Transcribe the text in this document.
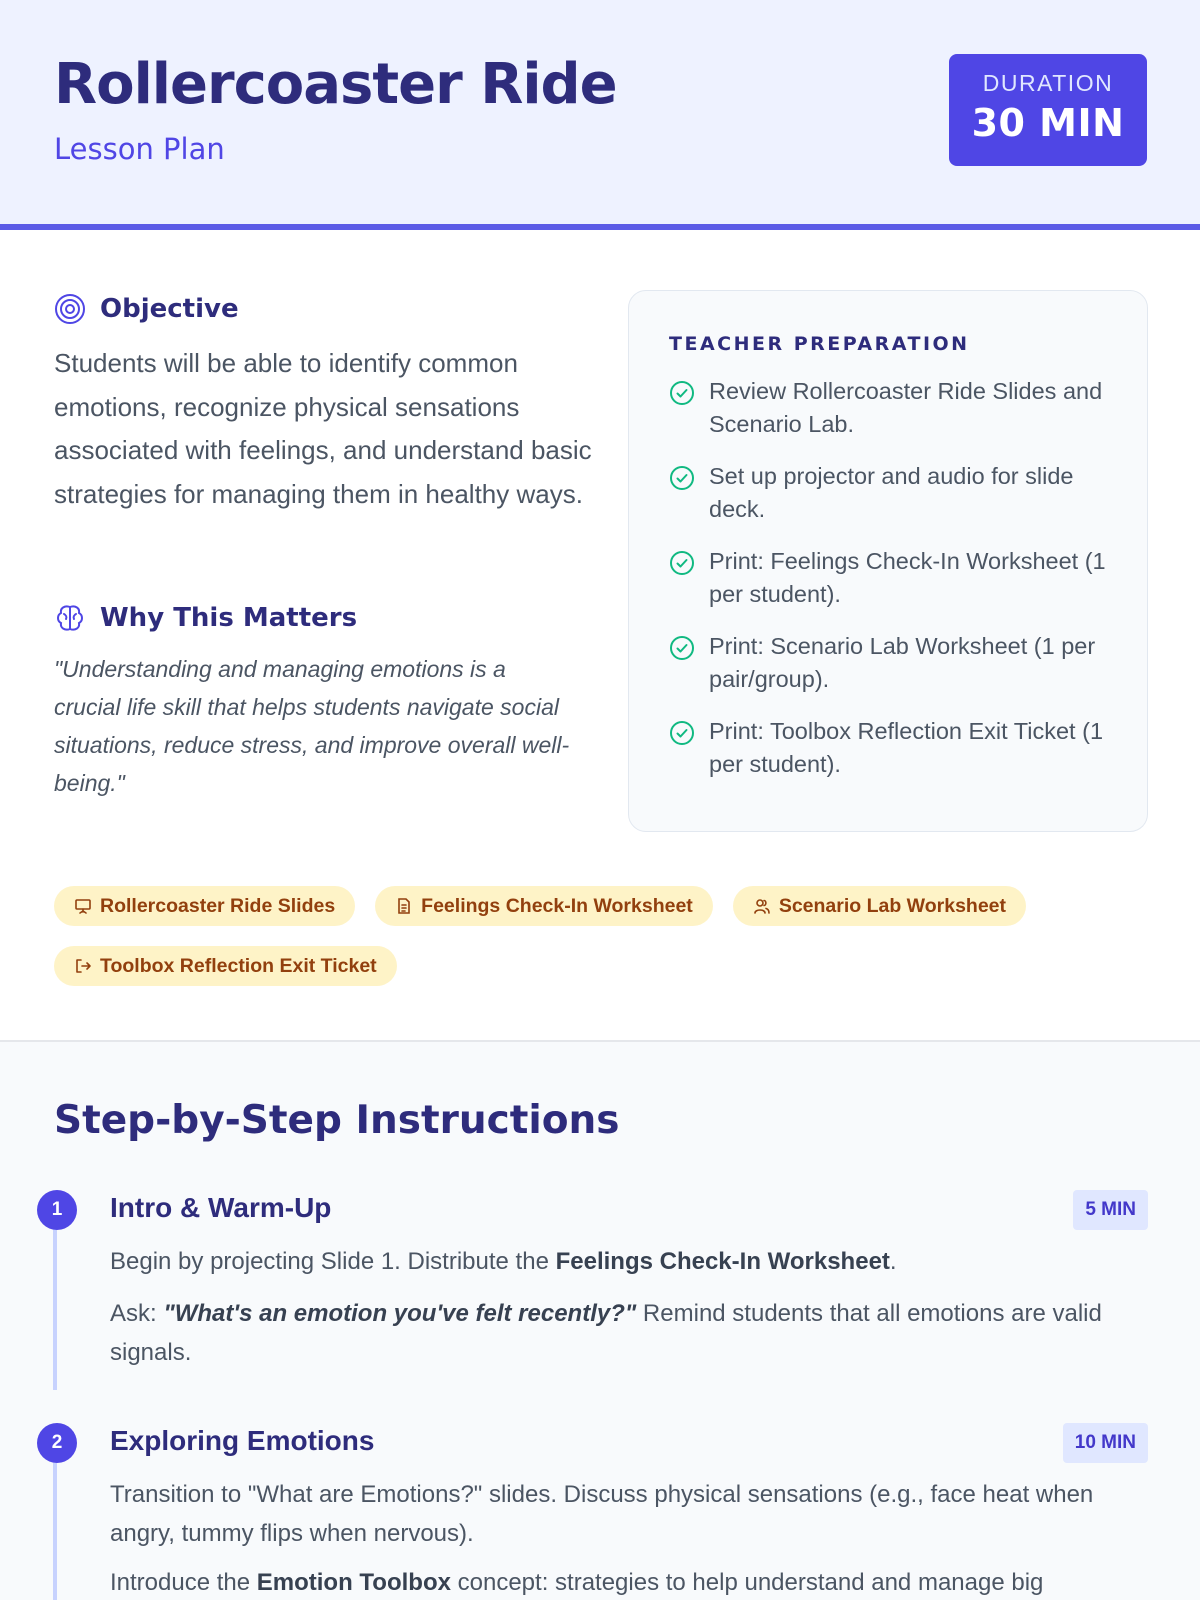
Rollercoaster Ride
Lesson Plan
DURATION
30 MIN
Objective
Students will be able to identify common emotions, recognize physical sensations associated with feelings, and understand basic strategies for managing them in healthy ways.
Why This Matters
"Understanding and managing emotions is a crucial life skill that helps students navigate social situations, reduce stress, and improve overall well-being."
TEACHER PREPARATION
Review Rollercoaster Ride Slides and Scenario Lab.
Set up projector and audio for slide deck.
Print: Feelings Check-In Worksheet (1 per student).
Print: Scenario Lab Worksheet (1 per pair/group).
Print: Toolbox Reflection Exit Ticket (1 per student).
Rollercoaster Ride Slides	Feelings Check-In Worksheet	Scenario Lab Worksheet
Toolbox Reflection Exit Ticket
Step-by-Step Instructions
1	Intro & Warm-Up	5 MIN
Begin by projecting Slide 1. Distribute the Feelings Check-In Worksheet.
Ask: "What's an emotion you've felt recently?" Remind students that all emotions are valid signals.
2	Exploring Emotions	10 MIN
Transition to "What are Emotions?" slides. Discuss physical sensations (e.g., face heat when angry, tummy flips when nervous).
Introduce the Emotion Toolbox concept: strategies to help understand and manage big
